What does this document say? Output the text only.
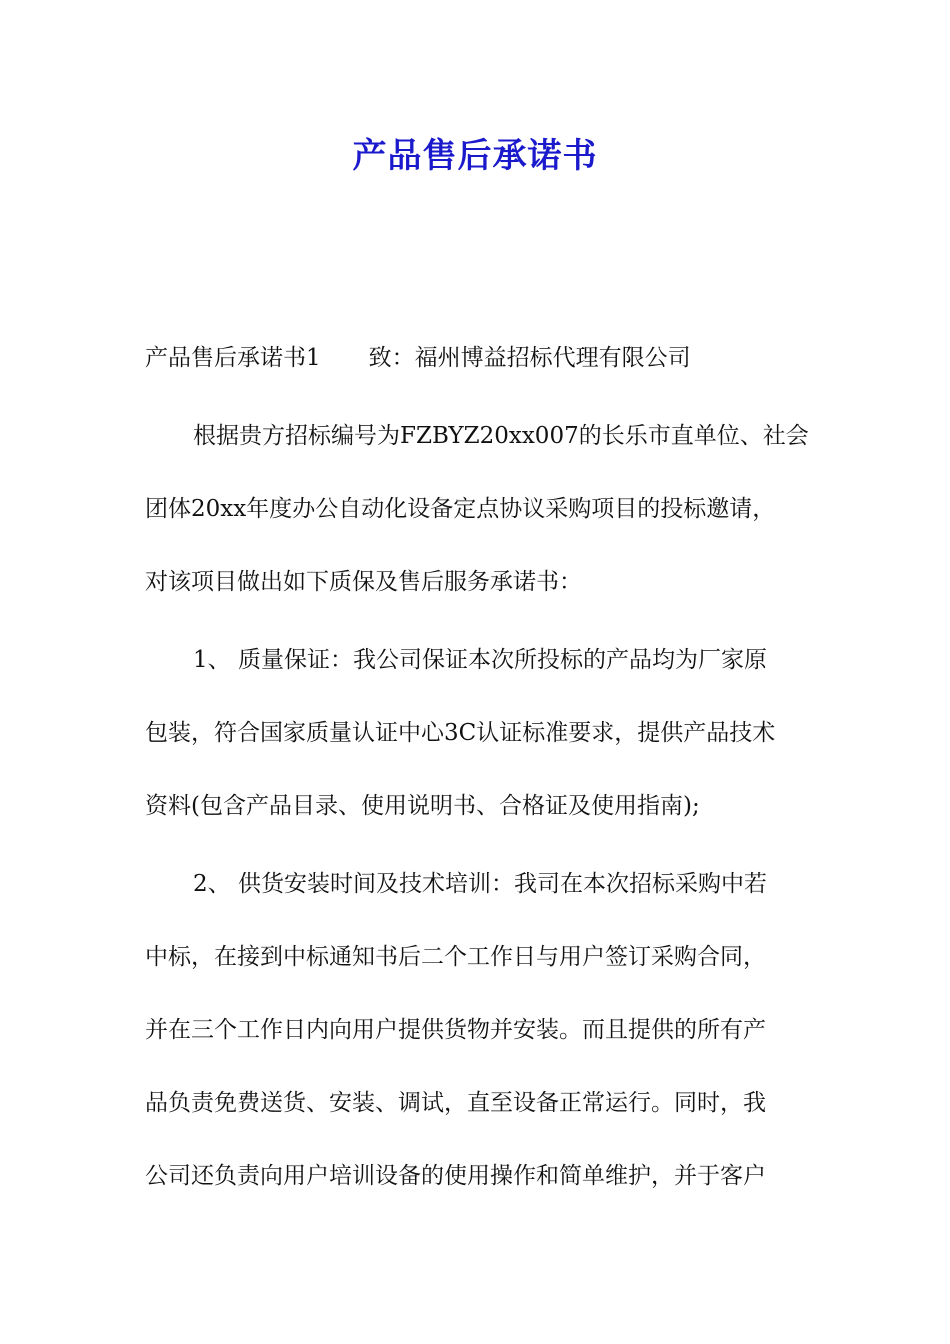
产品售后承诺书
产品售后承诺书1 致：福州博益招标代理有限公司
根据贵方招标编号为FZBYZ20xx007的长乐市直单位、社会
团体20xx年度办公自动化设备定点协议采购项目的投标邀请，
对该项目做出如下质保及售后服务承诺书：
1、 质量保证：我公司保证本次所投标的产品均为厂家原
包装，符合国家质量认证中心3C认证标准要求，提供产品技术
资料(包含产品目录、使用说明书、合格证及使用指南);
2、 供货安装时间及技术培训：我司在本次招标采购中若
中标，在接到中标通知书后二个工作日与用户签订采购合同，
并在三个工作日内向用户提供货物并安装。而且提供的所有产
品负责免费送货、安装、调试，直至设备正常运行。同时，我
公司还负责向用户培训设备的使用操作和简单维护，并于客户
